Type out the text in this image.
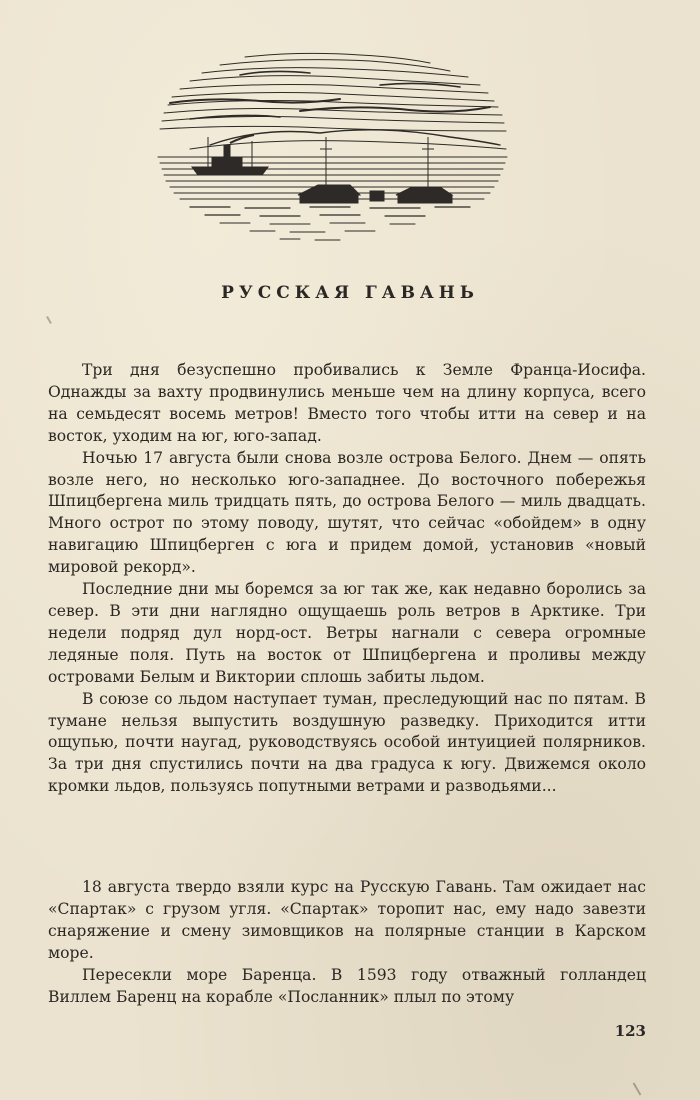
РУССКАЯ ГАВАНЬ

Три дня безуспешно пробивались к Земле Франца-Иосифа. Однажды за вахту продвинулись меньше чем на длину корпуса, всего на семьдесят восемь метров! Вместо того чтобы итти на север и на восток, уходим на юг, юго-запад.

Ночью 17 августа были снова возле острова Белого. Днем — опять возле него, но несколько юго-западнее. До восточного побережья Шпицбергена миль тридцать пять, до острова Белого — миль двадцать. Много острот по этому поводу, шутят, что сейчас «обойдем» в одну навигацию Шпицберген с юга и придем домой, установив «новый мировой рекорд».

Последние дни мы боремся за юг так же, как недавно боролись за север. В эти дни наглядно ощущаешь роль ветров в Арктике. Три недели подряд дул норд-ост. Ветры нагнали с севера огромные ледяные поля. Путь на восток от Шпицбергена и проливы между островами Белым и Виктории сплошь забиты льдом.

В союзе со льдом наступает туман, преследующий нас по пятам. В тумане нельзя выпустить воздушную разведку. Приходится итти ощупью, почти наугад, руководствуясь особой интуицией полярников. За три дня спустились почти на два градуса к югу. Движемся около кромки льдов, пользуясь попутными ветрами и разводьями...

18 августа твердо взяли курс на Русскую Гавань. Там ожидает нас «Спартак» с грузом угля. «Спартак» торопит нас, ему надо завезти снаряжение и смену зимовщиков на полярные станции в Карском море.

Пересекли море Баренца. В 1593 году отважный голландец Виллем Баренц на корабле «Посланник» плыл по этому

123
